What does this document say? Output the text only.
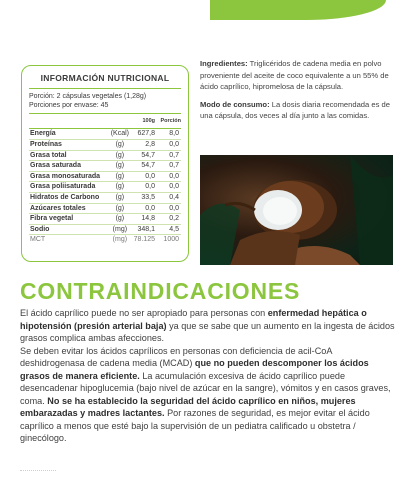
INFORMACIÓN NUTRICIONAL
Porción: 2 cápsulas vegetales (1,28g)
Porciones por envase: 45
		100g	Porción
Energía	(Kcal)	627,8	8,0
Proteínas	(g)	2,8	0,0
Grasa total	(g)	54,7	0,7
Grasa saturada	(g)	54,7	0,7
Grasa monosaturada	(g)	0,0	0,0
Grasa poliisaturada	(g)	0,0	0,0
Hidratos de Carbono	(g)	33,5	0,4
Azúcares totales	(g)	0,0	0,0
Fibra vegetal	(g)	14,8	0,2
Sodio	(mg)	348,1	4,5
MCT	(mg)	78.125	1000

Ingredientes: Triglicéridos de cadena media en polvo proveniente del aceite de coco equivalente a un 55% de ácido caprílico, hipromelosa de la cápsula.

Modo de consumo: La dosis diaria recomendada es de una cápsula, dos veces al día junto a las comidas.

CONTRAINDICACIONES

El ácido caprílico puede no ser apropiado para personas con enfermedad hepática o hipotensión (presión arterial baja) ya que se sabe que un aumento en la ingesta de ácidos grasos complica ambas afecciones.

Se deben evitar los ácidos caprílicos en personas con deficiencia de acil-CoA deshidrogenasa de cadena media (MCAD) que no pueden descomponer los ácidos grasos de manera eficiente. La acumulación excesiva de ácido caprílico puede desencadenar hipoglucemia (bajo nivel de azúcar en la sangre), vómitos y en casos graves, coma. No se ha establecido la seguridad del ácido caprílico en niños, mujeres embarazadas y madres lactantes. Por razones de seguridad, es mejor evitar el ácido caprílico a menos que esté bajo la supervisión de un pediatra calificado u obstetra / ginecólogo.
